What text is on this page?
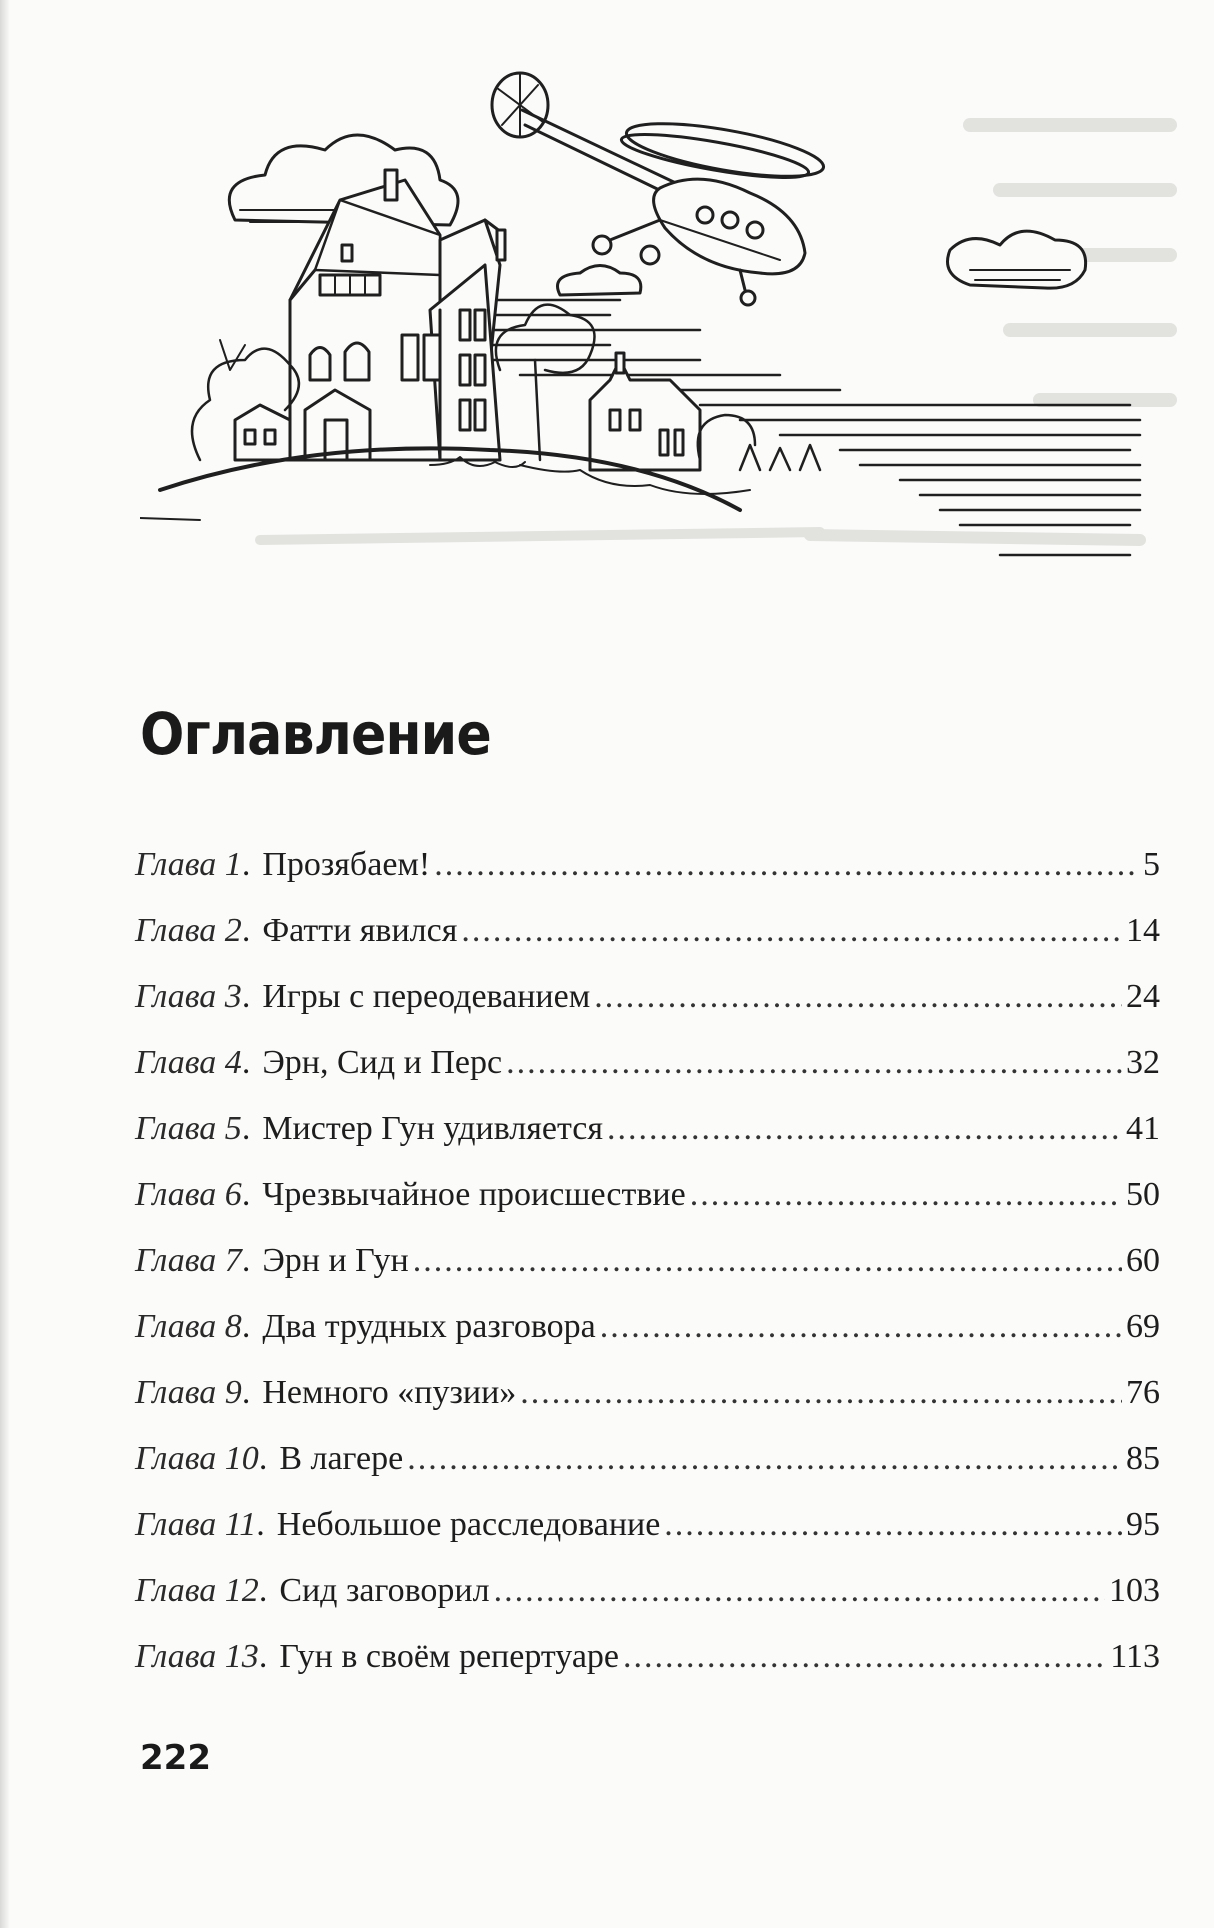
Оглавление
Глава 1 . Прозябаем! .....	5
Глава 2 . Фатти явился .....	14
Глава 3 . Игры с переодеванием .....	24
Глава 4 . Эрн, Сид и Перс .....	32
Глава 5 . Мистер Гун удивляется .....	41
Глава 6 . Чрезвычайное происшествие .....	50
Глава 7 . Эрн и Гун .....	60
Глава 8 . Два трудных разговора .....	69
Глава 9 . Немного «пузии» .....	76
Глава 10 . В лагере .....	85
Глава 11 . Небольшое расследование .....	95
Глава 12 . Сид заговорил .....	103
Глава 13 . Гун в своём репертуаре .....	113
222
